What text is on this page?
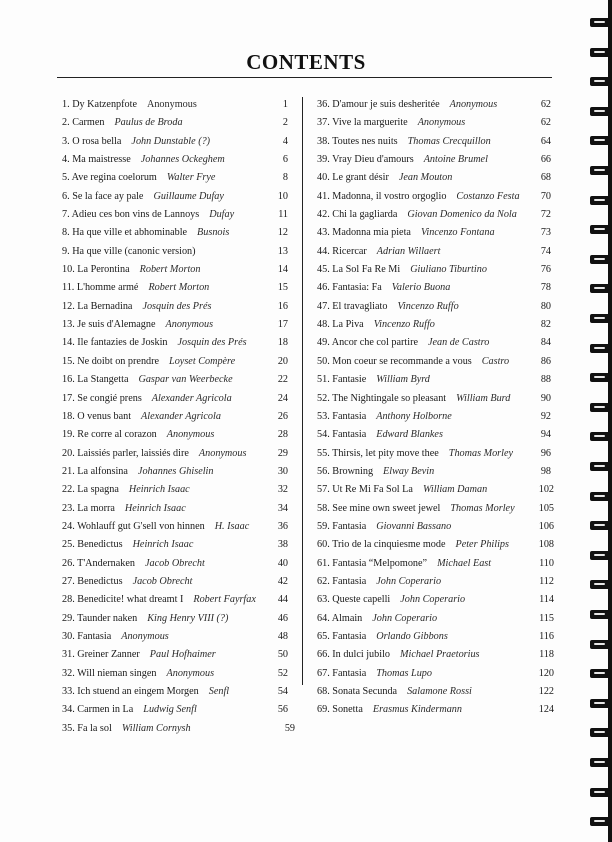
CONTENTS
1. Dy Katzenpfote Anonymous	1
2. Carmen Paulus de Broda	2
3. O rosa bella John Dunstable (?)	4
4. Ma maistresse Johannes Ockeghem	6
5. Ave regina coelorum Walter Frye	8
6. Se la face ay pale Guillaume Dufay	10
7. Adieu ces bon vins de Lannoys Dufay	11
8. Ha que ville et abhominable Busnois	12
9. Ha que ville (canonic version)	13
10. La Perontina Robert Morton	14
11. L'homme armé Robert Morton	15
12. La Bernadina Josquin des Prés	16
13. Je suis d'Alemagne Anonymous	17
14. Ile fantazies de Joskin Josquin des Prés	18
15. Ne doibt on prendre Loyset Compère	20
16. La Stangetta Gaspar van Weerbecke	22
17. Se congié prens Alexander Agricola	24
18. O venus bant Alexander Agricola	26
19. Re corre al corazon Anonymous	28
20. Laissiés parler, laissiés dire Anonymous	29
21. La alfonsina Johannes Ghiselin	30
22. La spagna Heinrich Isaac	32
23. La morra Heinrich Isaac	34
24. Wohlauff gut G'sell von hinnen H. Isaac	36
25. Benedictus Heinrich Isaac	38
26. T'Andernaken Jacob Obrecht	40
27. Benedictus Jacob Obrecht	42
28. Benedicite! what dreamt I Robert Fayrfax 44
29. Taunder naken King Henry VIII (?)	46
30. Fantasia Anonymous	48
31. Greiner Zanner Paul Hofhaimer	50
32. Will nieman singen Anonymous	52
33. Ich stuend an eingem Morgen Senfl	54
34. Carmen in La Ludwig Senfl	56
35. Fa la sol William Cornysh	59
36. D'amour je suis desheritée Anonymous	62
37. Vive la marguerite Anonymous	62
38. Toutes nes nuits Thomas Crecquillon	64
39. Vray Dieu d'amours Antoine Brumel	66
40. Le grant désir Jean Mouton	68
41. Madonna, il vostro orgoglio Costanzo Festa 70
42. Chi la gagliarda Giovan Domenico da Nola 72
43. Madonna mia pieta Vincenzo Fontana	73
44. Ricercar Adrian Willaert	74
45. La Sol Fa Re Mi Giuliano Tiburtino	76
46. Fantasia: Fa Valerio Buona	78
47. El travagliato Vincenzo Ruffo	80
48. La Piva Vincenzo Ruffo	82
49. Ancor che col partire Jean de Castro	84
50. Mon coeur se recommande a vous Castro	86
51. Fantasie William Byrd	88
52. The Nightingale so pleasant William Burd	90
53. Fantasia Anthony Holborne	92
54. Fantasia Edward Blankes	94
55. Thirsis, let pity move thee Thomas Morley	96
56. Browning Elway Bevin	98
57. Ut Re Mi Fa Sol La William Daman	102
58. See mine own sweet jewel Thomas Morley 105
59. Fantasia Giovanni Bassano	106
60. Trio de la cinquiesme mode Peter Philips	108
61. Fantasia “Melpomone” Michael East	110
62. Fantasia John Coperario	112
63. Queste capelli John Coperario	114
64. Almain John Coperario	115
65. Fantasia Orlando Gibbons	116
66. In dulci jubilo Michael Praetorius	118
67. Fantasia Thomas Lupo	120
68. Sonata Secunda Salamone Rossi	122
69. Sonetta Erasmus Kindermann	124
